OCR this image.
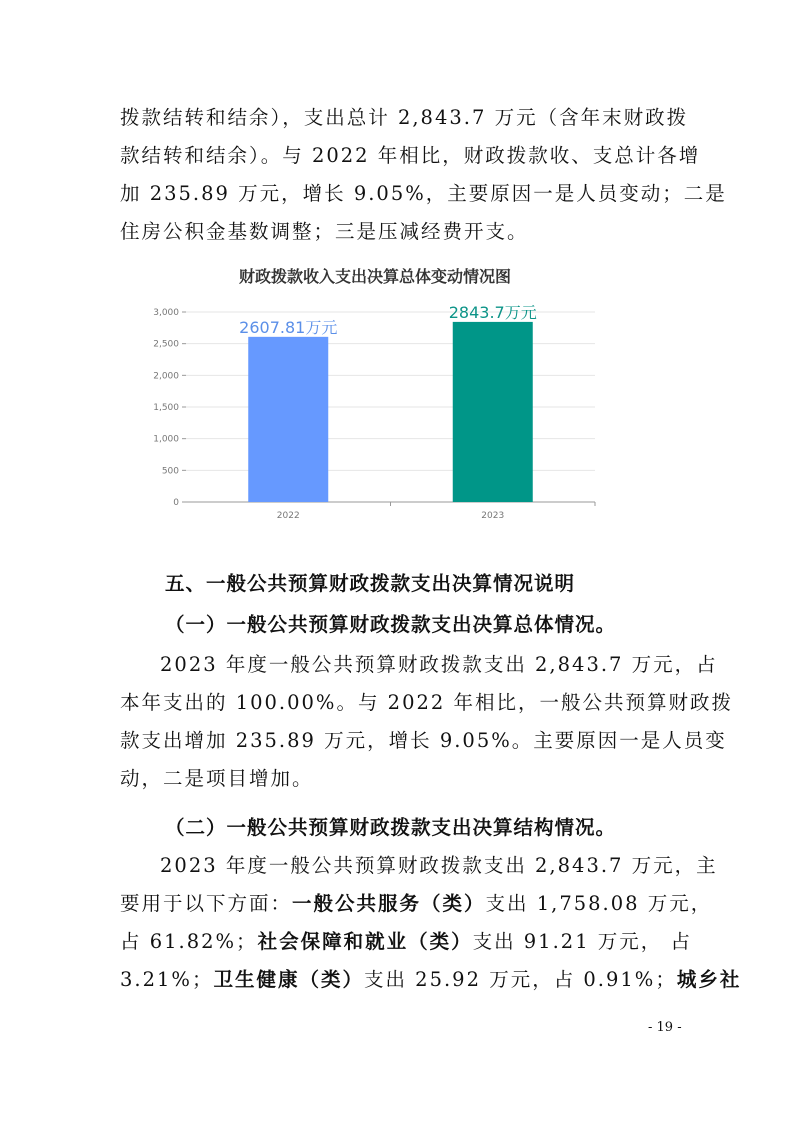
拨款结转和结余），支出总计 2,843.7 万元（含年末财政拨
款结转和结余）。与 2022 年相比，财政拨款收、支总计各增
加 235.89 万元，增长 9.05%，主要原因一是人员变动；二是
住房公积金基数调整；三是压减经费开支。
财政拨款收入支出决算总体变动情况图
0
500
1,000
1,500
2,000
2,500
3,000
2607.81万元
2022
2843.7万元
2023

五、一般公共预算财政拨款支出决算情况说明

（一）一般公共预算财政拨款支出决算总体情况。

2023 年度一般公共预算财政拨款支出 2,843.7 万元，占
本年支出的 100.00%。与 2022 年相比，一般公共预算财政拨
款支出增加 235.89 万元，增长 9.05%。主要原因一是人员变
动，二是项目增加。

（二）一般公共预算财政拨款支出决算结构情况。

2023 年度一般公共预算财政拨款支出 2,843.7 万元，主
要用于以下方面：一般公共服务（类）支出 1,758.08 万元，
占 61.82%；社会保障和就业（类）支出 91.21 万元， 占
3.21%；卫生健康（类）支出 25.92 万元，占 0.91%；城乡社
- 19 -
